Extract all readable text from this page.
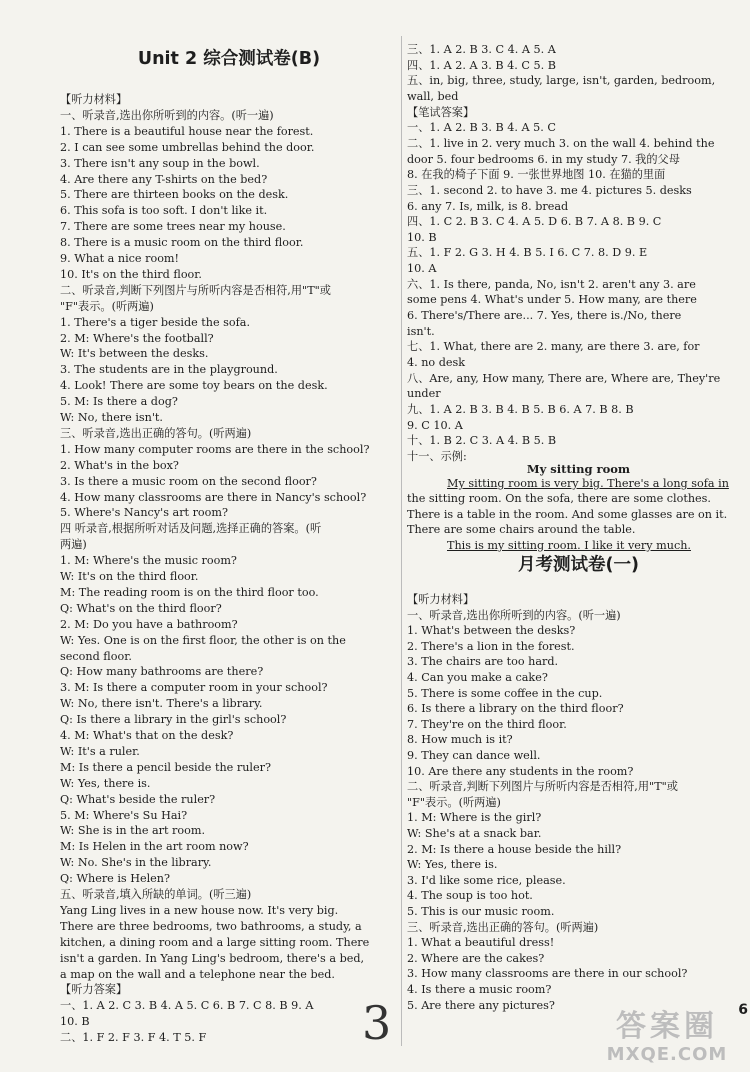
Unit 2 综合测试卷(B)
【听力材料】
一、听录音,选出你所听到的内容。(听一遍)
1. There is a beautiful house near the forest.
2. I can see some umbrellas behind the door.
3. There isn't any soup in the bowl.
4. Are there any T-shirts on the bed?
5. There are thirteen books on the desk.
6. This sofa is too soft. I don't like it.
7. There are some trees near my house.
8. There is a music room on the third floor.
9. What a nice room!
10. It's on the third floor.
二、听录音,判断下列图片与所听内容是否相符,用"T"或
"F"表示。(听两遍)
1. There's a tiger beside the sofa.
2. M: Where's the football?
W: It's between the desks.
3. The students are in the playground.
4. Look! There are some toy bears on the desk.
5. M: Is there a dog?
W: No, there isn't.
三、听录音,选出正确的答句。(听两遍)
1. How many computer rooms are there in the school?
2. What's in the box?
3. Is there a music room on the second floor?
4. How many classrooms are there in Nancy's school?
5. Where's Nancy's art room?
四 听录音,根据所听对话及问题,选择正确的答案。(听
两遍)
1. M: Where's the music room?
W: It's on the third floor.
M: The reading room is on the third floor too.
Q: What's on the third floor?
2. M: Do you have a bathroom?
W: Yes. One is on the first floor, the other is on the
second floor.
Q: How many bathrooms are there?
3. M: Is there a computer room in your school?
W: No, there isn't. There's a library.
Q: Is there a library in the girl's school?
4. M: What's that on the desk?
W: It's a ruler.
M: Is there a pencil beside the ruler?
W: Yes, there is.
Q: What's beside the ruler?
5. M: Where's Su Hai?
W: She is in the art room.
M: Is Helen in the art room now?
W: No. She's in the library.
Q: Where is Helen?
五、听录音,填入所缺的单词。(听三遍)
Yang Ling lives in a new house now. It's very big.
There are three bedrooms, two bathrooms, a study, a
kitchen, a dining room and a large sitting room. There
isn't a garden. In Yang Ling's bedroom, there's a bed,
a map on the wall and a telephone near the bed.
【听力答案】
一、1. A 2. C 3. B 4. A 5. C 6. B 7. C 8. B 9. A
10. B
二、1. F 2. F 3. F 4. T 5. F
三、1. A 2. B 3. C 4. A 5. A
四、1. A 2. A 3. B 4. C 5. B
五、in, big, three, study, large, isn't, garden, bedroom,
wall, bed
【笔试答案】
一、1. A 2. B 3. B 4. A 5. C
二、1. live in 2. very much 3. on the wall 4. behind the
door 5. four bedrooms 6. in my study 7. 我的父母
8. 在我的椅子下面 9. 一张世界地图 10. 在猫的里面
三、1. second 2. to have 3. me 4. pictures 5. desks
6. any 7. Is, milk, is 8. bread
四、1. C 2. B 3. C 4. A 5. D 6. B 7. A 8. B 9. C
10. B
五、1. F 2. G 3. H 4. B 5. I 6. C 7. 8. D 9. E
10. A
六、1. Is there, panda, No, isn't 2. aren't any 3. are
some pens 4. What's under 5. How many, are there
6. There's/There are... 7. Yes, there is./No, there
isn't.
七、1. What, there are 2. many, are there 3. are, for
4. no desk
八、Are, any, How many, There are, Where are, They're
under
九、1. A 2. B 3. B 4. B 5. B 6. A 7. B 8. B
9. C 10. A
十、1. B 2. C 3. A 4. B 5. B
十一、示例:
My sitting room
My sitting room is very big. There's a long sofa in
the sitting room. On the sofa, there are some clothes.
There is a table in the room. And some glasses are on it.
There are some chairs around the table.
This is my sitting room. I like it very much.
月考测试卷(一)
【听力材料】
一、听录音,选出你所听到的内容。(听一遍)
1. What's between the desks?
2. There's a lion in the forest.
3. The chairs are too hard.
4. Can you make a cake?
5. There is some coffee in the cup.
6. Is there a library on the third floor?
7. They're on the third floor.
8. How much is it?
9. They can dance well.
10. Are there any students in the room?
二、听录音,判断下列图片与所听内容是否相符,用"T"或
"F"表示。(听两遍)
1. M: Where is the girl?
W: She's at a snack bar.
2. M: Is there a house beside the hill?
W: Yes, there is.
3. I'd like some rice, please.
4. The soup is too hot.
5. This is our music room.
三、听录音,选出正确的答句。(听两遍)
1. What a beautiful dress!
2. Where are the cakes?
3. How many classrooms are there in our school?
4. Is there a music room?
5. Are there any pictures?
3	6
答案圈
MXQE.COM
